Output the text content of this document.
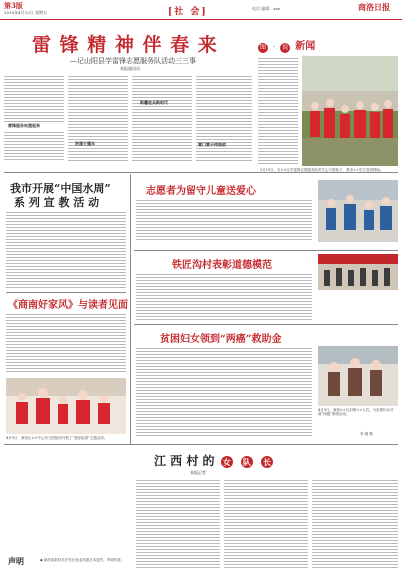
第3版
2019年4月12日 星期五	[社 会]	电话 编辑：xxx	商洛日报
雷 锋 精 神 伴 春 来
—记山阳县学雷锋志愿服务队活动三三事
本报通讯员
雷锋服务站建起来
洗澡大篷车
新疆老兵新时代
雷门雷子传统故
图 · 说 新闻
2月19日，在××区学雷锋志愿服务队的关心与资助下，我市××学生受到帮助。
我市开展“中国水周”
系 列 宣 教 活 动
《商南好家风》与读者见面
4月9日，商洛区××中心幼儿园组织开展了“我爱祖国”主题活动。
志愿者为留守儿童送爱心
铁匠沟村表彰道德模范
贫困妇女领到“两癌”救助金
4月9日，商洛××区妇联××人员，为贫困妇女开展“两癌”筛查活动。
李 刚 摄
江 西 村 的 女 队 长
本报记者
声明	◆ 商洛高新技术开发区营业执照正本遗失，声明作废。
